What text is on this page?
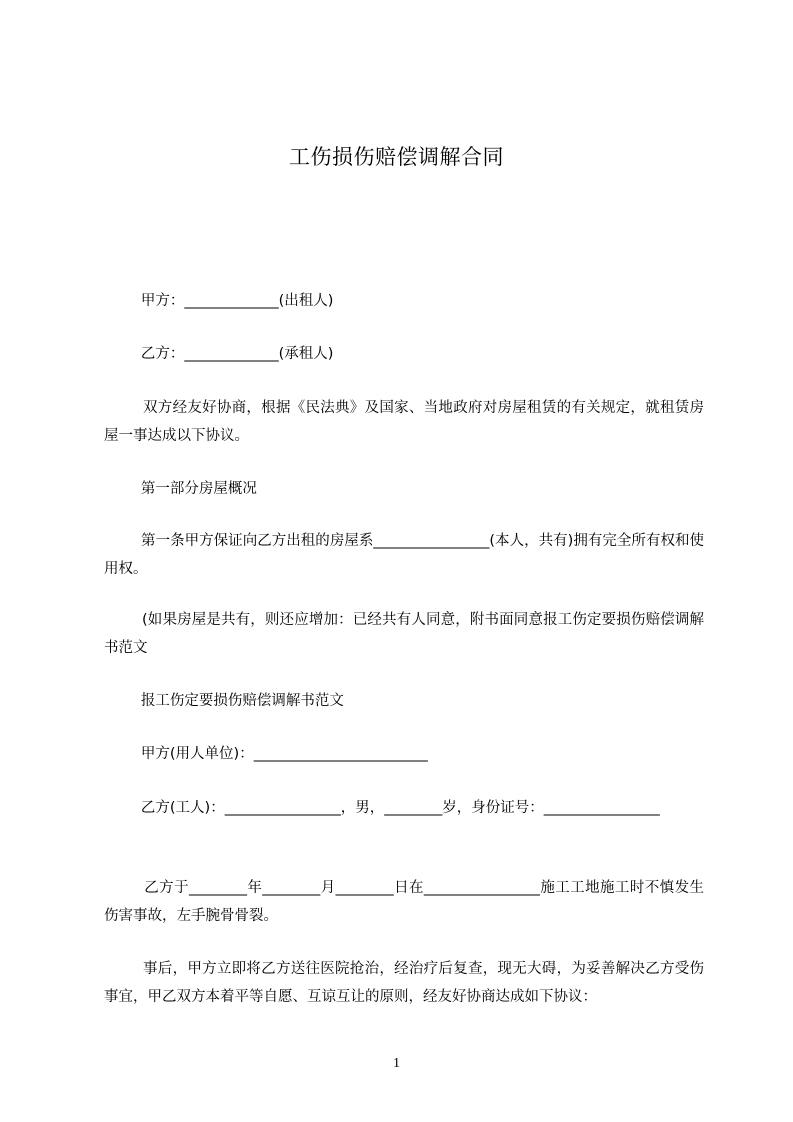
工伤损伤赔偿调解合同
甲方：_____________(出租人)
乙方：_____________(承租人)
双方经友好协商，根据《民法典》及国家、当地政府对房屋租赁的有关规定，就租赁房屋一事达成以下协议。
第一部分房屋概况
第一条甲方保证向乙方出租的房屋系________________(本人，共有)拥有完全所有权和使用权。
(如果房屋是共有，则还应增加：已经共有人同意，附书面同意报工伤定要损伤赔偿调解书范文
报工伤定要损伤赔偿调解书范文
甲方(用人单位)：________________________
乙方(工人)：________________，男，________岁，身份证号：________________
乙方于________年________月________日在________________施工工地施工时不慎发生伤害事故，左手腕骨骨裂。
事后，甲方立即将乙方送往医院抢治，经治疗后复查，现无大碍，为妥善解决乙方受伤事宜，甲乙双方本着平等自愿、互谅互让的原则，经友好协商达成如下协议：
1
